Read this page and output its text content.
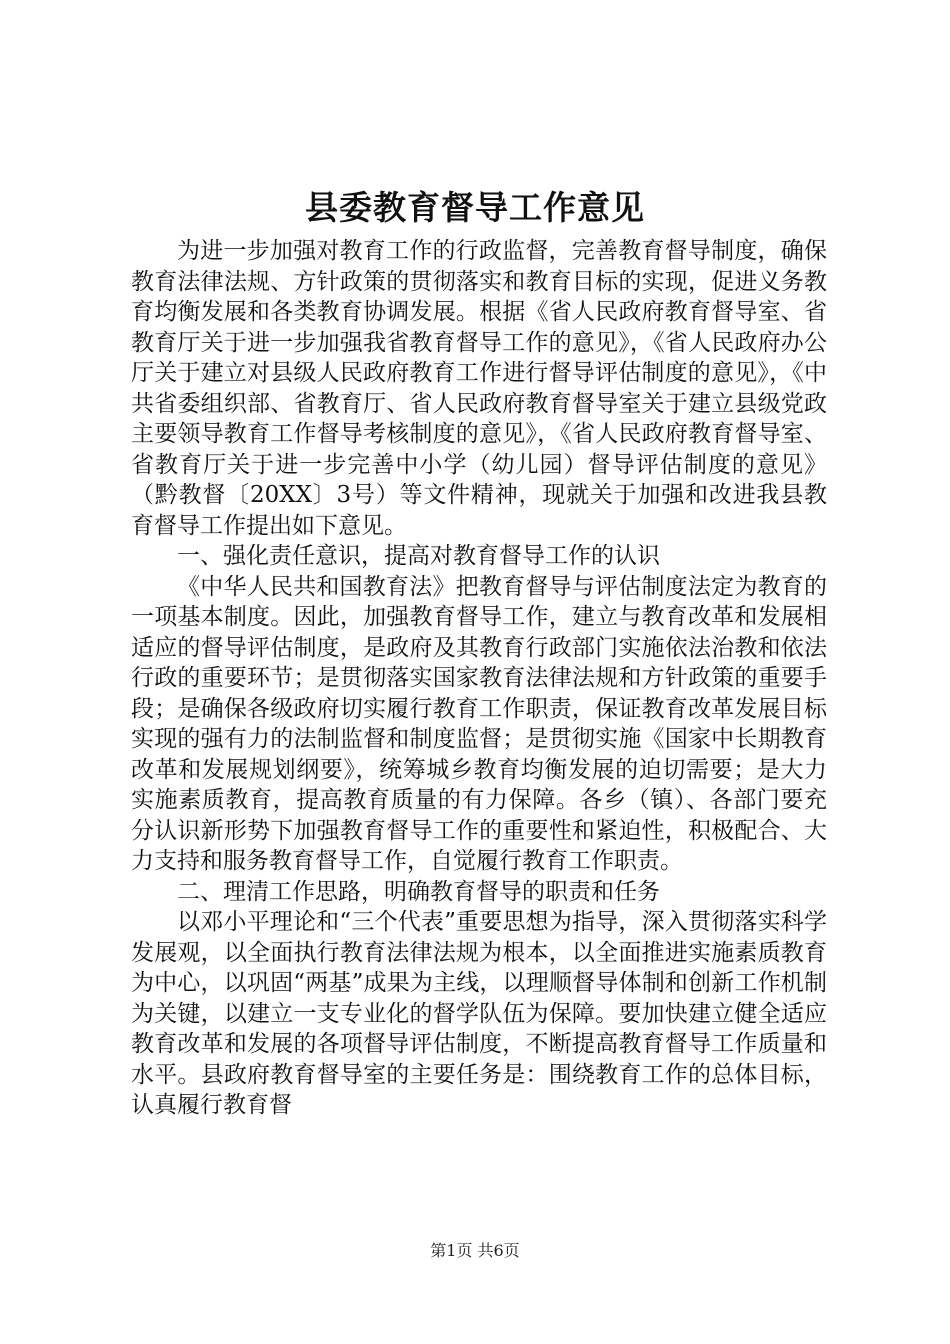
县委教育督导工作意见

为进一步加强对教育工作的行政监督，完善教育督导制度，确保教育法律法规、方针政策的贯彻落实和教育目标的实现，促进义务教育均衡发展和各类教育协调发展。根据《省人民政府教育督导室、省教育厅关于进一步加强我省教育督导工作的意见》，《省人民政府办公厅关于建立对县级人民政府教育工作进行督导评估制度的意见》，《中共省委组织部、省教育厅、省人民政府教育督导室关于建立县级党政主要领导教育工作督导考核制度的意见》，《省人民政府教育督导室、省教育厅关于进一步完善中小学（幼儿园）督导评估制度的意见》（黔教督〔20XX〕3号）等文件精神，现就关于加强和改进我县教育督导工作提出如下意见。

一、强化责任意识，提高对教育督导工作的认识

《中华人民共和国教育法》把教育督导与评估制度法定为教育的一项基本制度。因此，加强教育督导工作，建立与教育改革和发展相适应的督导评估制度，是政府及其教育行政部门实施依法治教和依法行政的重要环节；是贯彻落实国家教育法律法规和方针政策的重要手段；是确保各级政府切实履行教育工作职责，保证教育改革发展目标实现的强有力的法制监督和制度监督；是贯彻实施《国家中长期教育改革和发展规划纲要》，统筹城乡教育均衡发展的迫切需要；是大力实施素质教育，提高教育质量的有力保障。各乡（镇）、各部门要充分认识新形势下加强教育督导工作的重要性和紧迫性，积极配合、大力支持和服务教育督导工作，自觉履行教育工作职责。

二、理清工作思路，明确教育督导的职责和任务

以邓小平理论和“三个代表”重要思想为指导，深入贯彻落实科学发展观，以全面执行教育法律法规为根本，以全面推进实施素质教育为中心，以巩固“两基”成果为主线，以理顺督导体制和创新工作机制为关键，以建立一支专业化的督学队伍为保障。要加快建立健全适应教育改革和发展的各项督导评估制度，不断提高教育督导工作质量和水平。县政府教育督导室的主要任务是：围绕教育工作的总体目标，认真履行教育督

第1页 共6页
